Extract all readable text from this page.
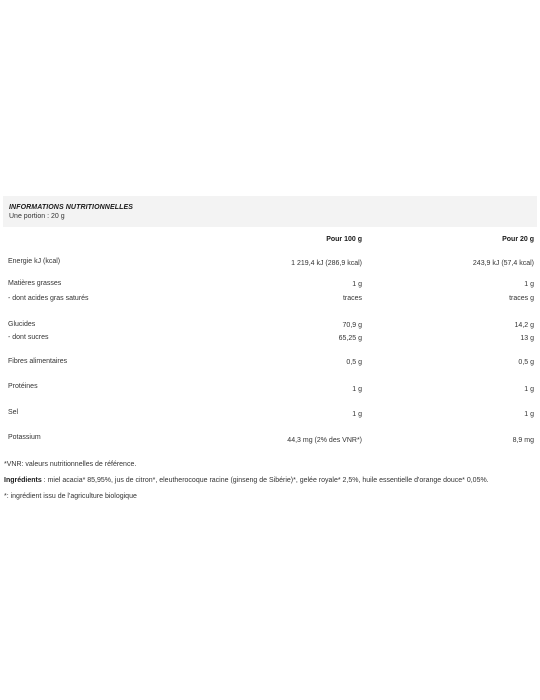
INFORMATIONS NUTRITIONNELLES
Une portion : 20 g
	Pour 100 g	Pour 20 g
Energie kJ (kcal)	1 219,4 kJ (286,9 kcal)	243,9 kJ (57,4 kcal)
Matières grasses	1 g	1 g
- dont acides gras saturés	traces	traces g
Glucides	70,9 g	14,2 g
- dont sucres	65,25 g	13 g
Fibres alimentaires	0,5 g	0,5 g
Protéines	1 g	1 g
Sel	1 g	1 g
Potassium	44,3 mg (2% des VNR*)	8,9 mg
*VNR: valeurs nutritionnelles de référence.
Ingrédients : miel acacia* 85,95%, jus de citron*, eleutherocoque racine (ginseng de Sibérie)*, gelée royale* 2,5%, huile essentielle d'orange douce* 0,05%.
*: ingrédient issu de l'agriculture biologique
